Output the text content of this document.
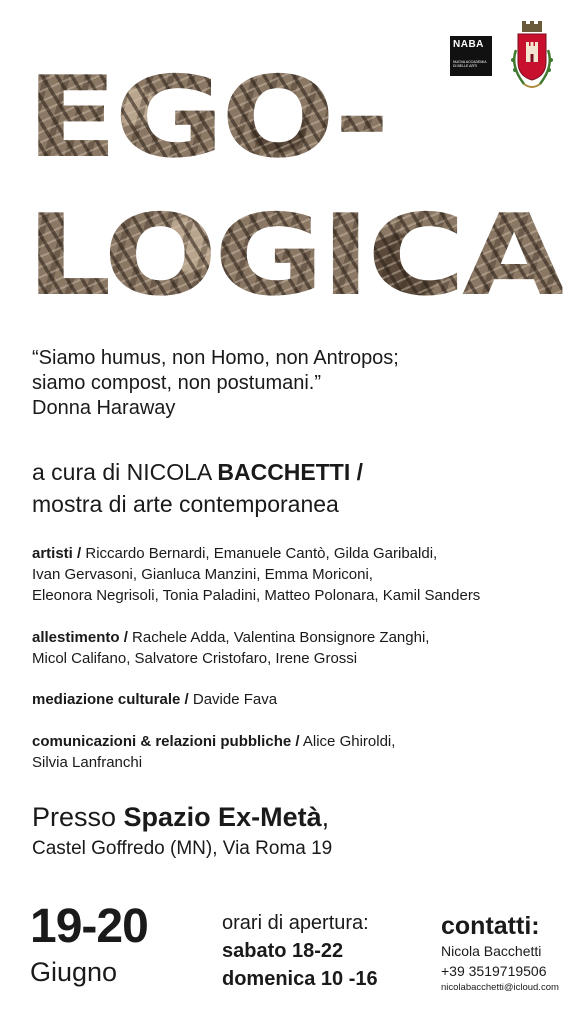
NABA
NUOVA ACCADEMIA DI BELLE ARTI
EGO-
LOGICA
“Siamo humus, non Homo, non Antropos;
siamo compost, non postumani.”
Donna Haraway
a cura di NICOLA BACCHETTI /
mostra di arte contemporanea
artisti / Riccardo Bernardi, Emanuele Cantò, Gilda Garibaldi,
Ivan Gervasoni, Gianluca Manzini, Emma Moriconi,
Eleonora Negrisoli, Tonia Paladini, Matteo Polonara, Kamil Sanders
allestimento / Rachele Adda, Valentina Bonsignore Zanghi,
Micol Califano, Salvatore Cristofaro, Irene Grossi
mediazione culturale / Davide Fava
comunicazioni & relazioni pubbliche / Alice Ghiroldi,
Silvia Lanfranchi
Presso Spazio Ex-Metà,
Castel Goffredo (MN), Via Roma 19
19-20
Giugno
orari di apertura:
sabato 18-22
domenica 10 -16
contatti:
Nicola Bacchetti
+39 3519719506
nicolabacchetti@icloud.com
